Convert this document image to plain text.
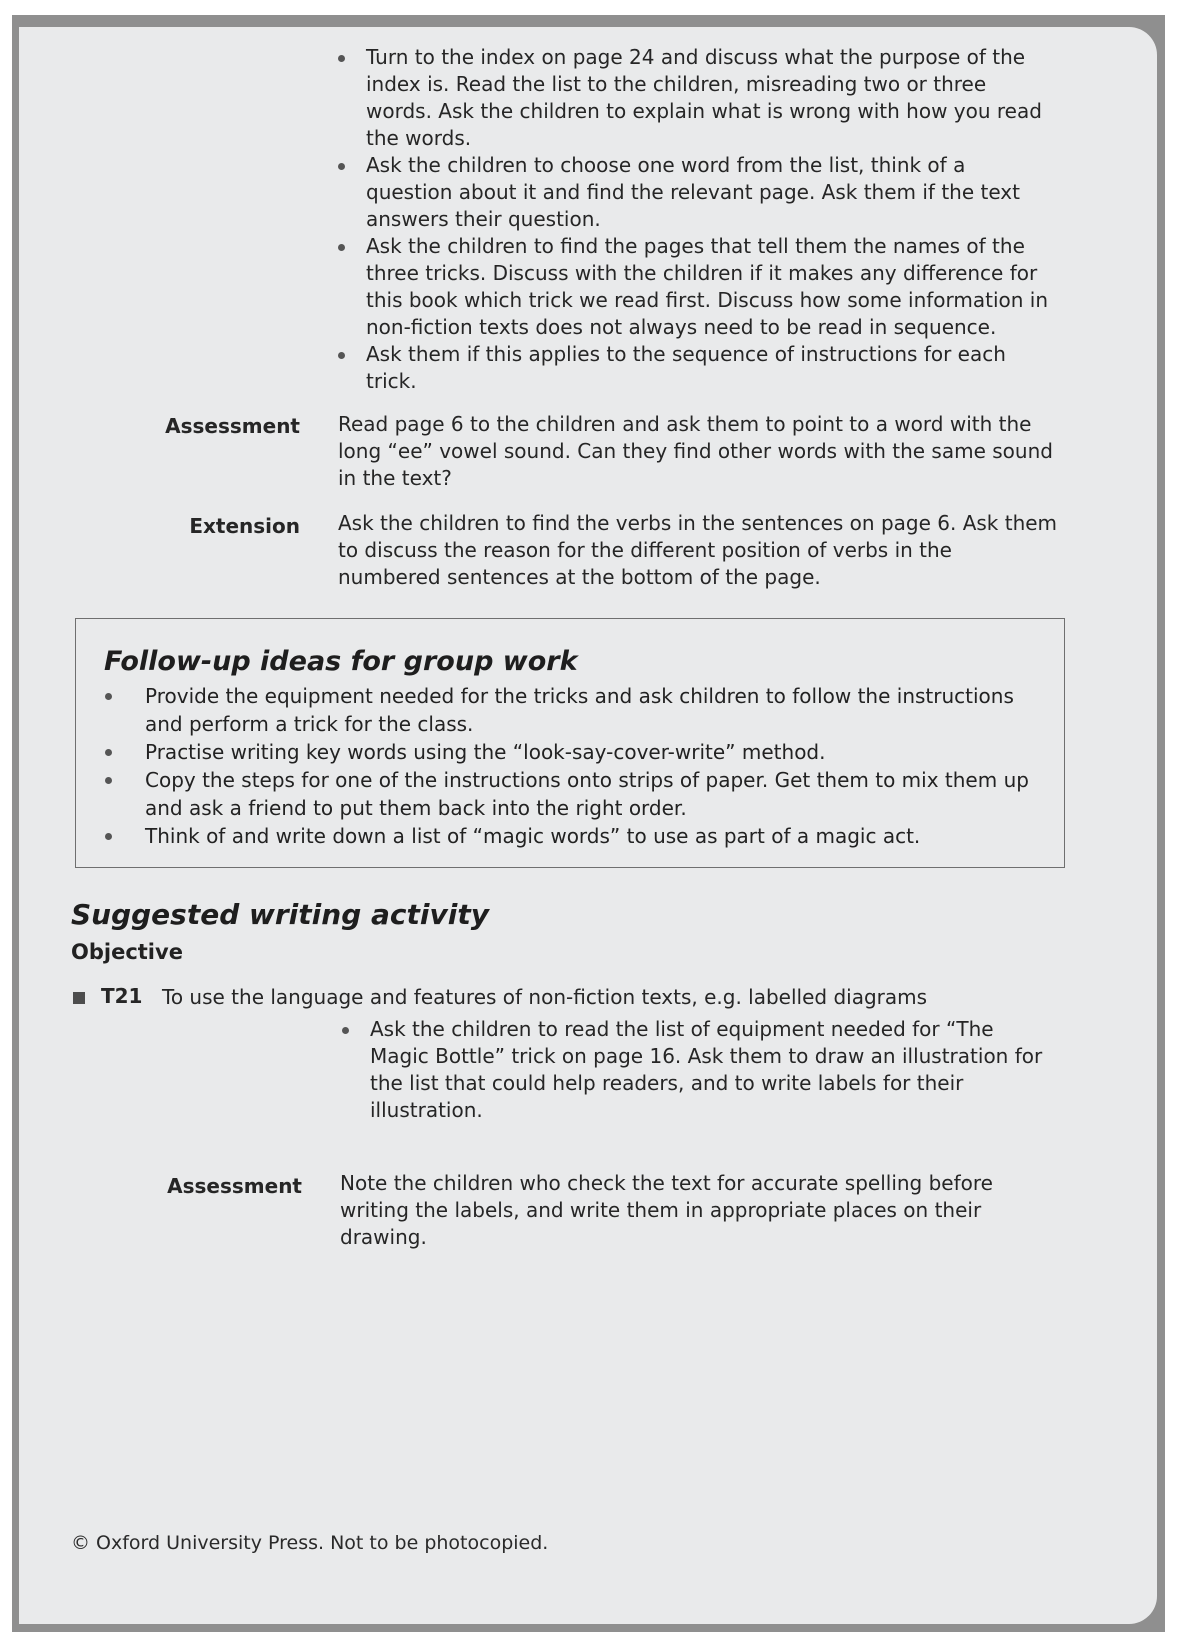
Turn to the index on page 24 and discuss what the purpose of the index is. Read the list to the children, misreading two or three words. Ask the children to explain what is wrong with how you read the words.
Ask the children to choose one word from the list, think of a question about it and find the relevant page. Ask them if the text answers their question.
Ask the children to find the pages that tell them the names of the three tricks. Discuss with the children if it makes any difference for this book which trick we read first. Discuss how some information in non-fiction texts does not always need to be read in sequence.
Ask them if this applies to the sequence of instructions for each trick.
Assessment Read page 6 to the children and ask them to point to a word with the long “ee” vowel sound. Can they find other words with the same sound in the text?
Extension Ask the children to find the verbs in the sentences on page 6. Ask them to discuss the reason for the different position of verbs in the numbered sentences at the bottom of the page.
Follow-up ideas for group work
Provide the equipment needed for the tricks and ask children to follow the instructions and perform a trick for the class.
Practise writing key words using the “look-say-cover-write” method.
Copy the steps for one of the instructions onto strips of paper. Get them to mix them up and ask a friend to put them back into the right order.
Think of and write down a list of “magic words” to use as part of a magic act.
Suggested writing activity
Objective
T21 To use the language and features of non-fiction texts, e.g. labelled diagrams
Ask the children to read the list of equipment needed for “The Magic Bottle” trick on page 16. Ask them to draw an illustration for the list that could help readers, and to write labels for their illustration.
Assessment Note the children who check the text for accurate spelling before writing the labels, and write them in appropriate places on their drawing.
© Oxford University Press. Not to be photocopied.
